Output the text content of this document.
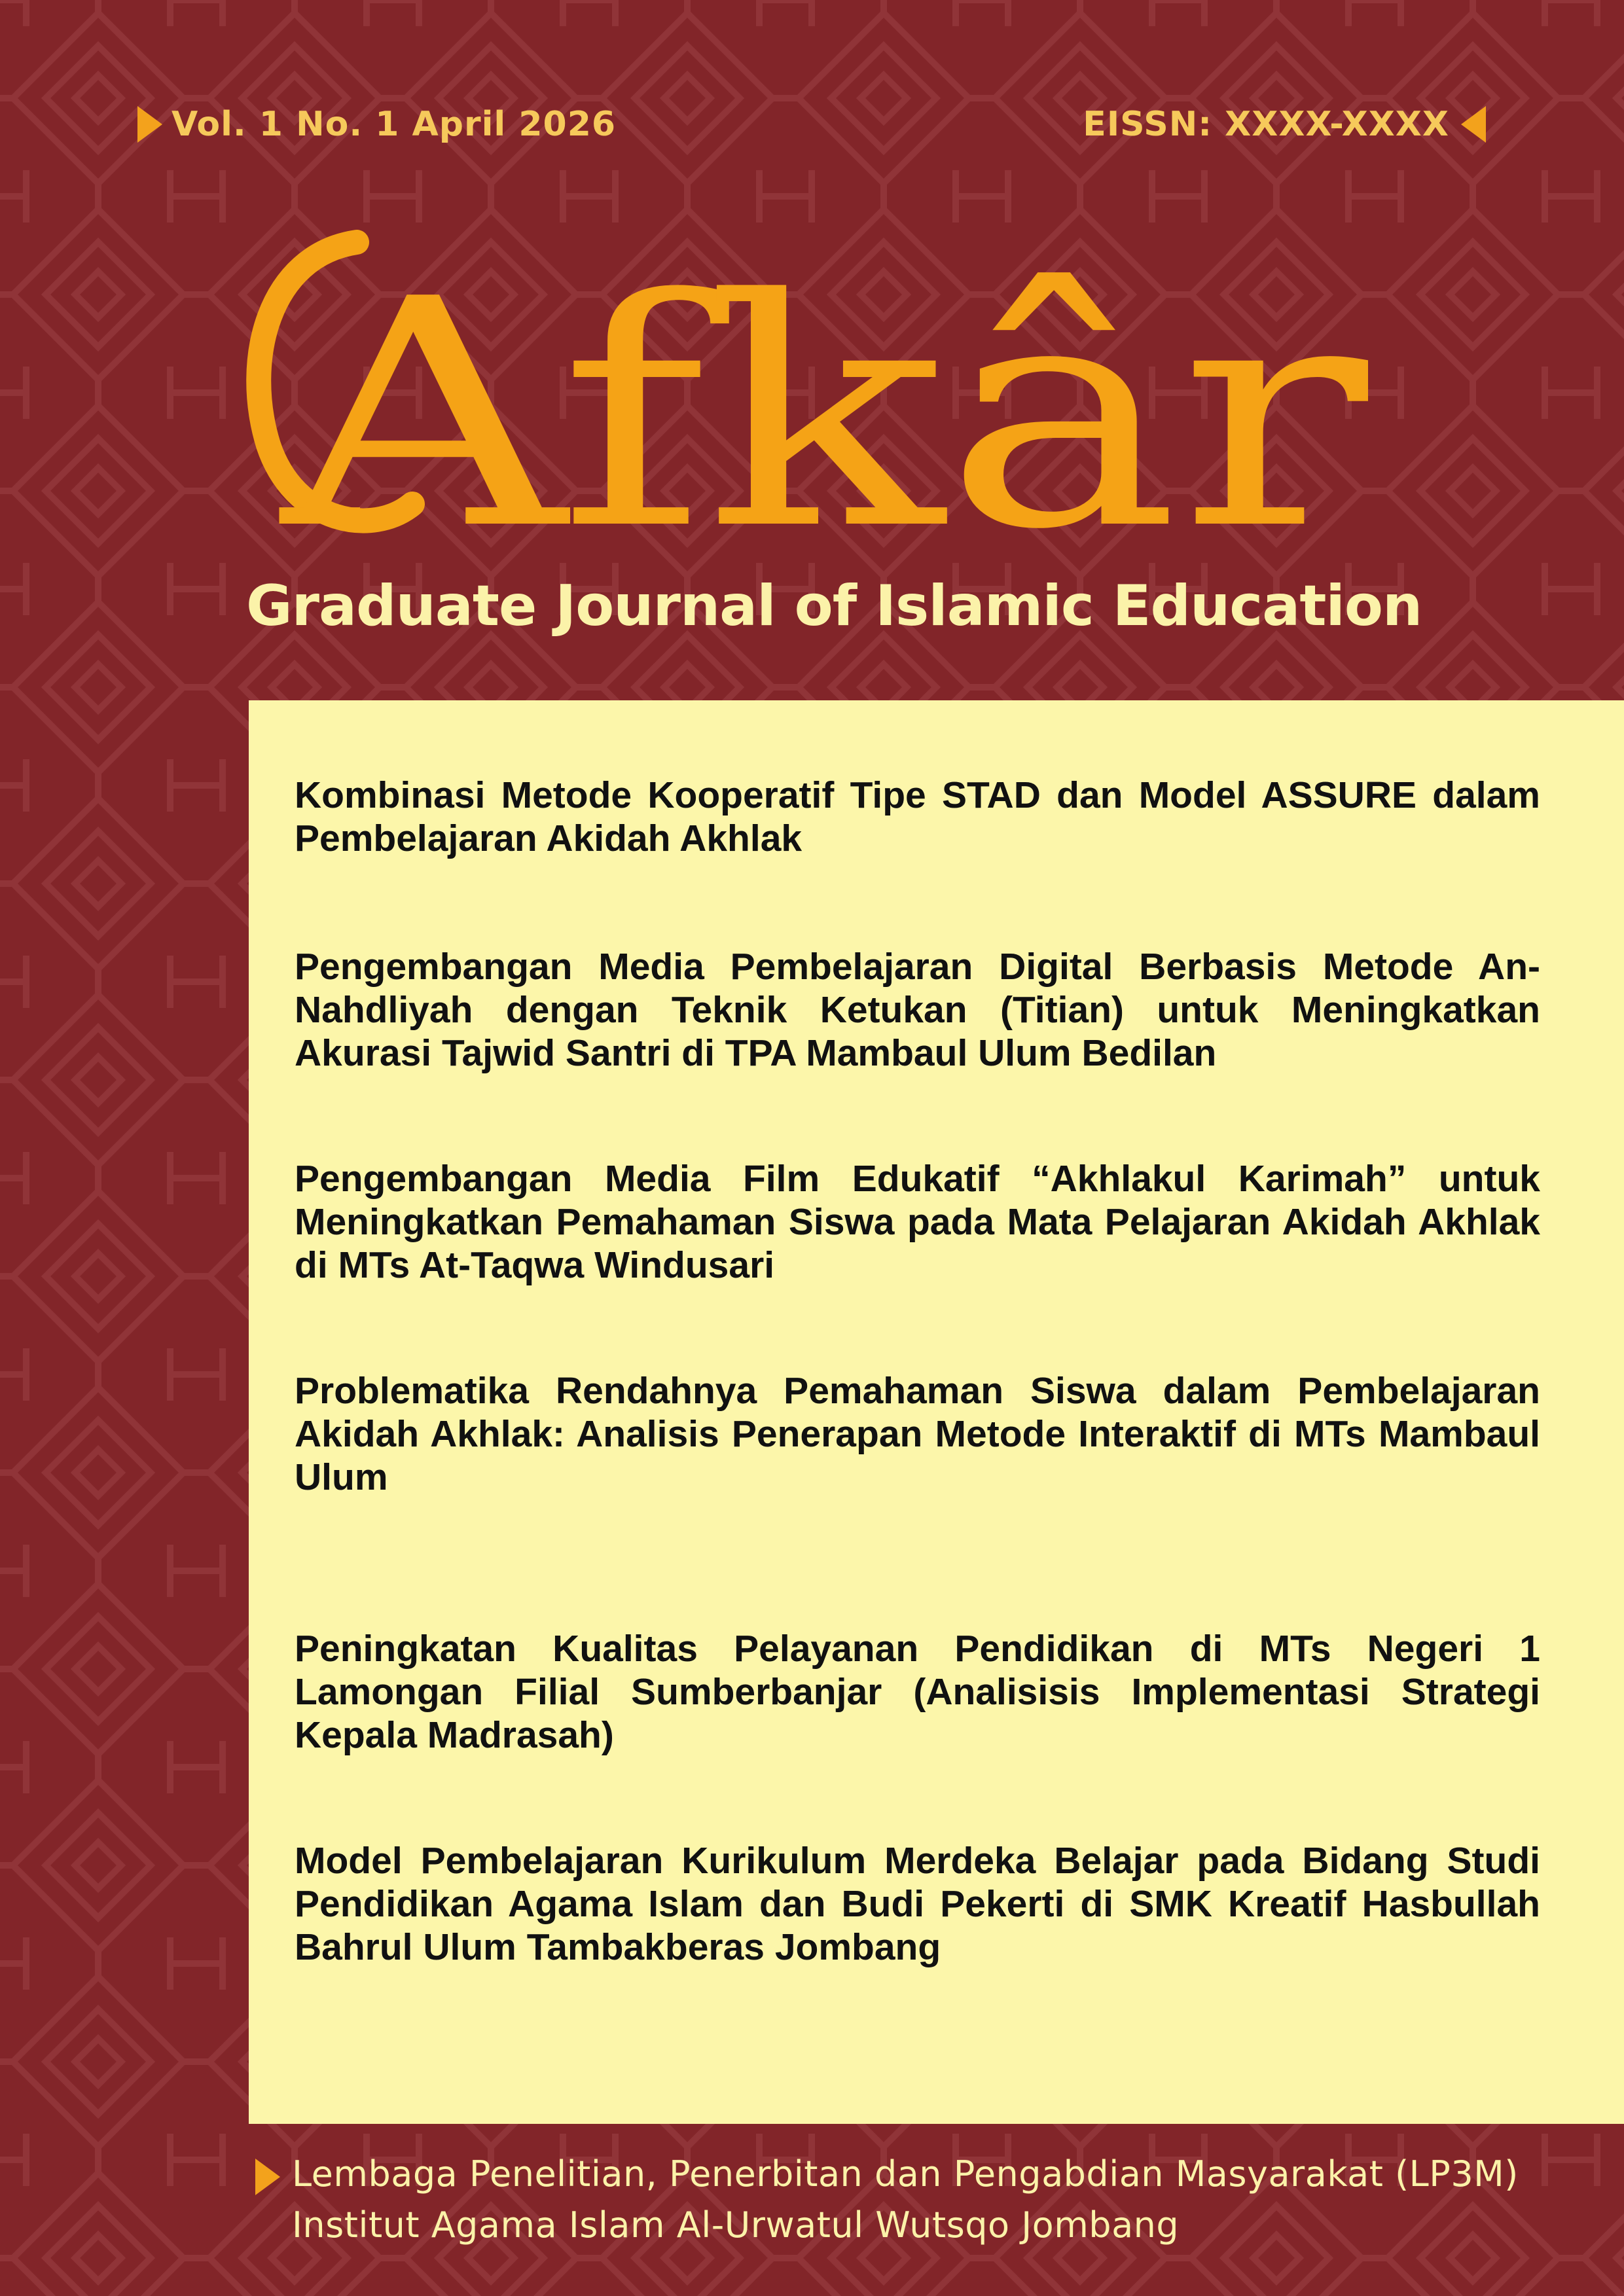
Vol. 1 No. 1 April 2026	EISSN: XXXX-XXXX
Afkâr
Graduate Journal of Islamic Education
Kombinasi Metode Kooperatif Tipe STAD dan Model ASSURE dalam Pembelajaran Akidah Akhlak
Pengembangan Media Pembelajaran Digital Berbasis Metode An-Nahdliyah dengan Teknik Ketukan (Titian) untuk Meningkatkan Akurasi Tajwid Santri di TPA Mambaul Ulum Bedilan
Pengembangan Media Film Edukatif “Akhlakul Karimah” untuk Meningkatkan Pemahaman Siswa pada Mata Pelajaran Akidah Akhlak di MTs At-Taqwa Windusari
Problematika Rendahnya Pemahaman Siswa dalam Pembelajaran Akidah Akhlak: Analisis Penerapan Metode Interaktif di MTs Mambaul Ulum
Peningkatan Kualitas Pelayanan Pendidikan di MTs Negeri 1 Lamongan Filial Sumberbanjar (Analisisis Implementasi Strategi Kepala Madrasah)
Model Pembelajaran Kurikulum Merdeka Belajar pada Bidang Studi Pendidikan Agama Islam dan Budi Pekerti di SMK Kreatif Hasbullah Bahrul Ulum Tambakberas Jombang
Lembaga Penelitian, Penerbitan dan Pengabdian Masyarakat (LP3M)
Institut Agama Islam Al-Urwatul Wutsqo Jombang
